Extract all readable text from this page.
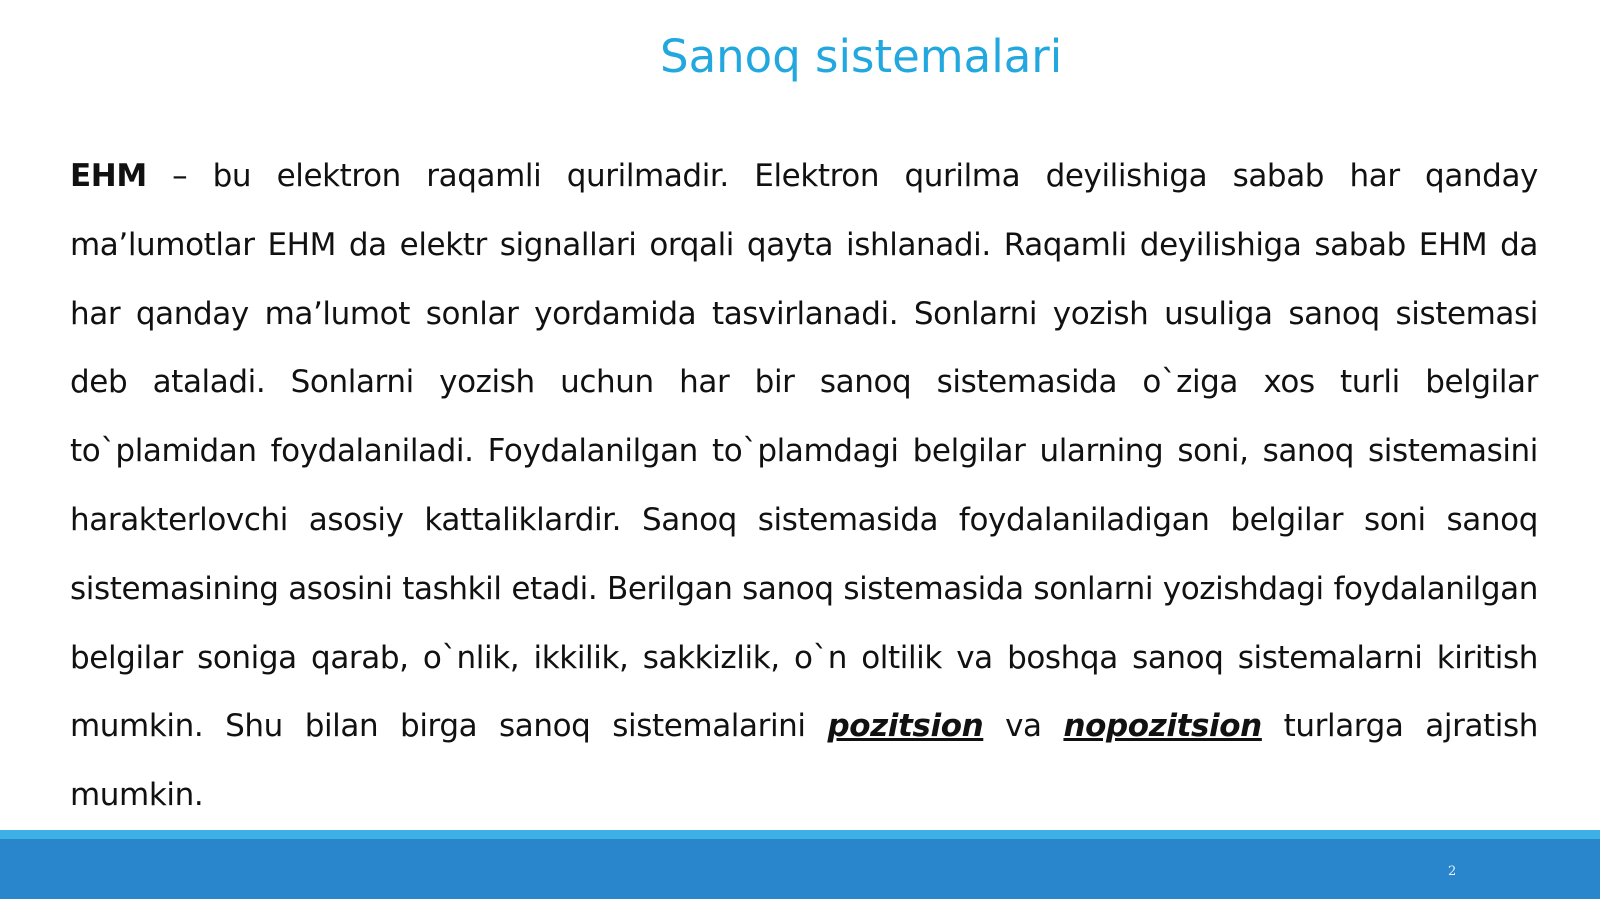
Sanoq sistemalari

EHM – bu elektron raqamli qurilmadir. Elektron qurilma deyilishiga sabab har qanday ma’lumotlar EHM da elektr signallari orqali qayta ishlanadi. Raqamli deyilishiga sabab EHM da har qanday ma’lumot sonlar yordamida tasvirlanadi. Sonlarni yozish usuliga sanoq sistemasi deb ataladi. Sonlarni yozish uchun har bir sanoq sistemasida o`ziga xos turli belgilar to`plamidan foydalaniladi. Foydalanilgan to`plamdagi belgilar ularning soni, sanoq sistemasini harakterlovchi asosiy kattaliklardir. Sanoq sistemasida foydalaniladigan belgilar soni sanoq sistemasining asosini tashkil etadi. Berilgan sanoq sistemasida sonlarni yozishdagi foydalanilgan belgilar soniga qarab, o`nlik, ikkilik, sakkizlik, o`n oltilik va boshqa sanoq sistemalarni kiritish mumkin. Shu bilan birga sanoq sistemalarini pozitsion va nopozitsion turlarga ajratish mumkin.

2
